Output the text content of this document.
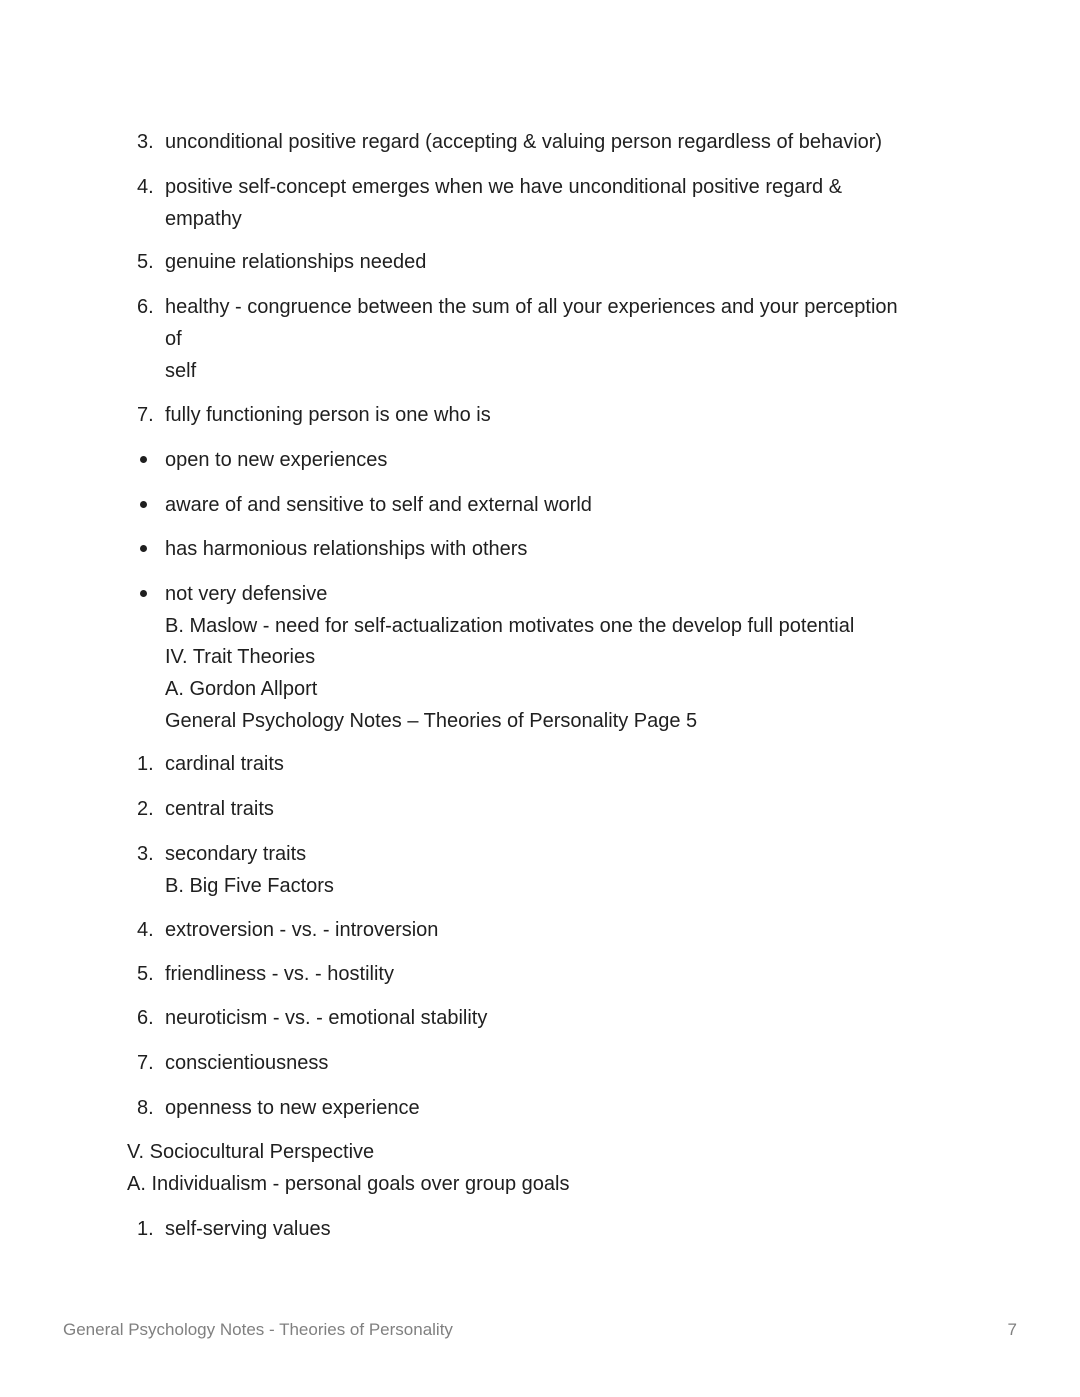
3. unconditional positive regard (accepting & valuing person regardless of behavior)
4. positive self-concept emerges when we have unconditional positive regard &
empathy
5. genuine relationships needed
6. healthy - congruence between the sum of all your experiences and your perception
of
self
7. fully functioning person is one who is
open to new experiences
aware of and sensitive to self and external world
has harmonious relationships with others
not very defensive
B. Maslow - need for self-actualization motivates one the develop full potential
IV. Trait Theories
A. Gordon Allport
General Psychology Notes – Theories of Personality Page 5
1. cardinal traits
2. central traits
3. secondary traits
B. Big Five Factors
4. extroversion - vs. - introversion
5. friendliness - vs. - hostility
6. neuroticism - vs. - emotional stability
7. conscientiousness
8. openness to new experience
V. Sociocultural Perspective
A. Individualism - personal goals over group goals
1. self-serving values
General Psychology Notes - Theories of Personality	7
